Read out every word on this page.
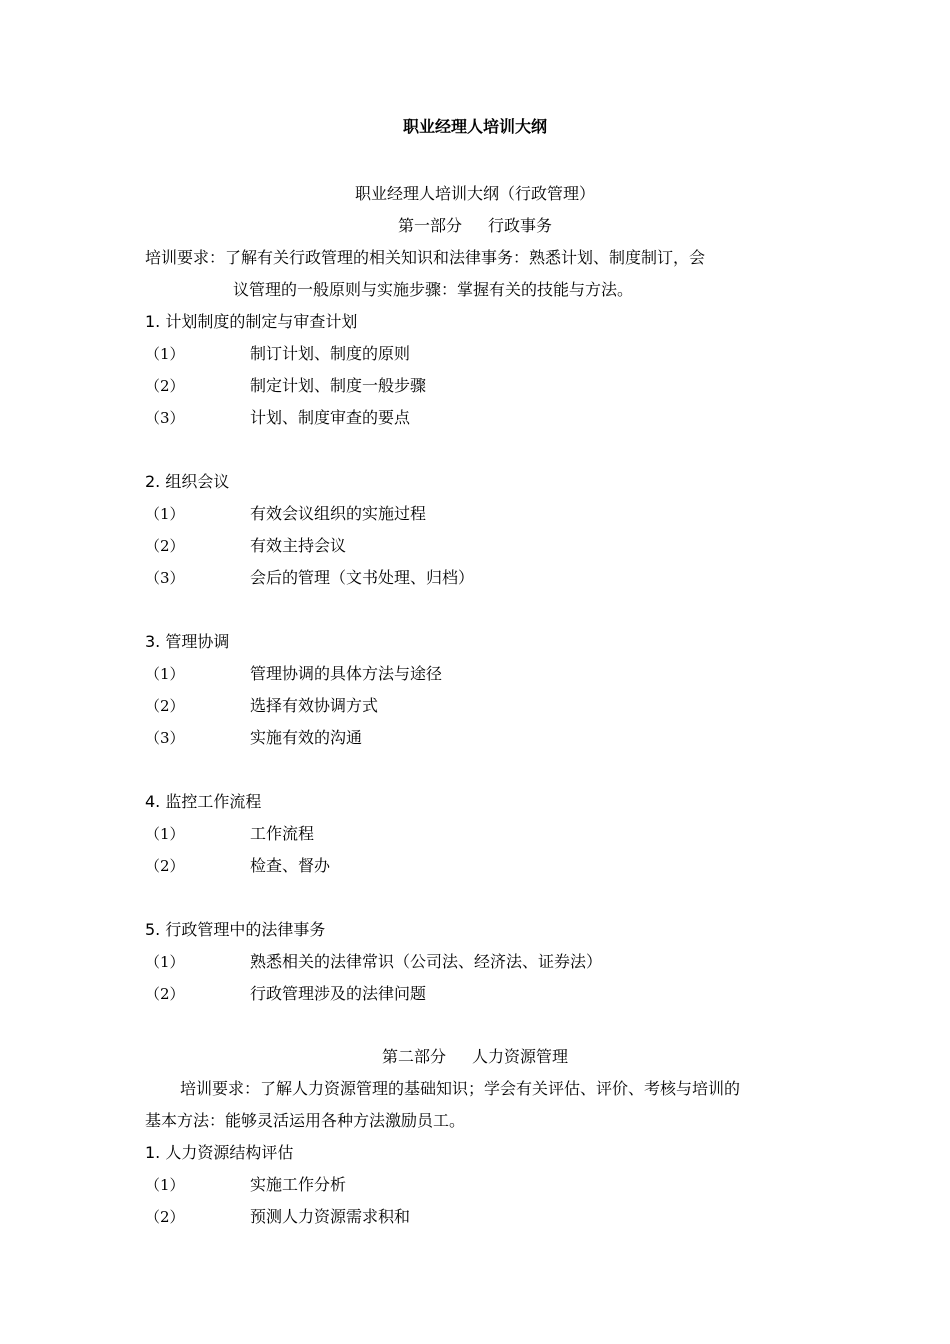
职业经理人培训大纲
职业经理人培训大纲（行政管理）
第一部分 行政事务
培训要求：了解有关行政管理的相关知识和法律事务：熟悉计划、制度制订，会
议管理的一般原则与实施步骤：掌握有关的技能与方法。
1. 计划制度的制定与审查计划
（1）	制订计划、制度的原则
（2）	制定计划、制度一般步骤
（3）	计划、制度审查的要点
2. 组织会议
（1）	有效会议组织的实施过程
（2）	有效主持会议
（3）	会后的管理（文书处理、归档）
3. 管理协调
（1）	管理协调的具体方法与途径
（2）	选择有效协调方式
（3）	实施有效的沟通
4. 监控工作流程
（1）	工作流程
（2）	检查、督办
5. 行政管理中的法律事务
（1）	熟悉相关的法律常识（公司法、经济法、证券法）
（2）	行政管理涉及的法律问题
第二部分 人力资源管理
培训要求：了解人力资源管理的基础知识；学会有关评估、评价、考核与培训的
基本方法：能够灵活运用各种方法激励员工。
1. 人力资源结构评估
（1）	实施工作分析
（2）	预测人力资源需求积和
